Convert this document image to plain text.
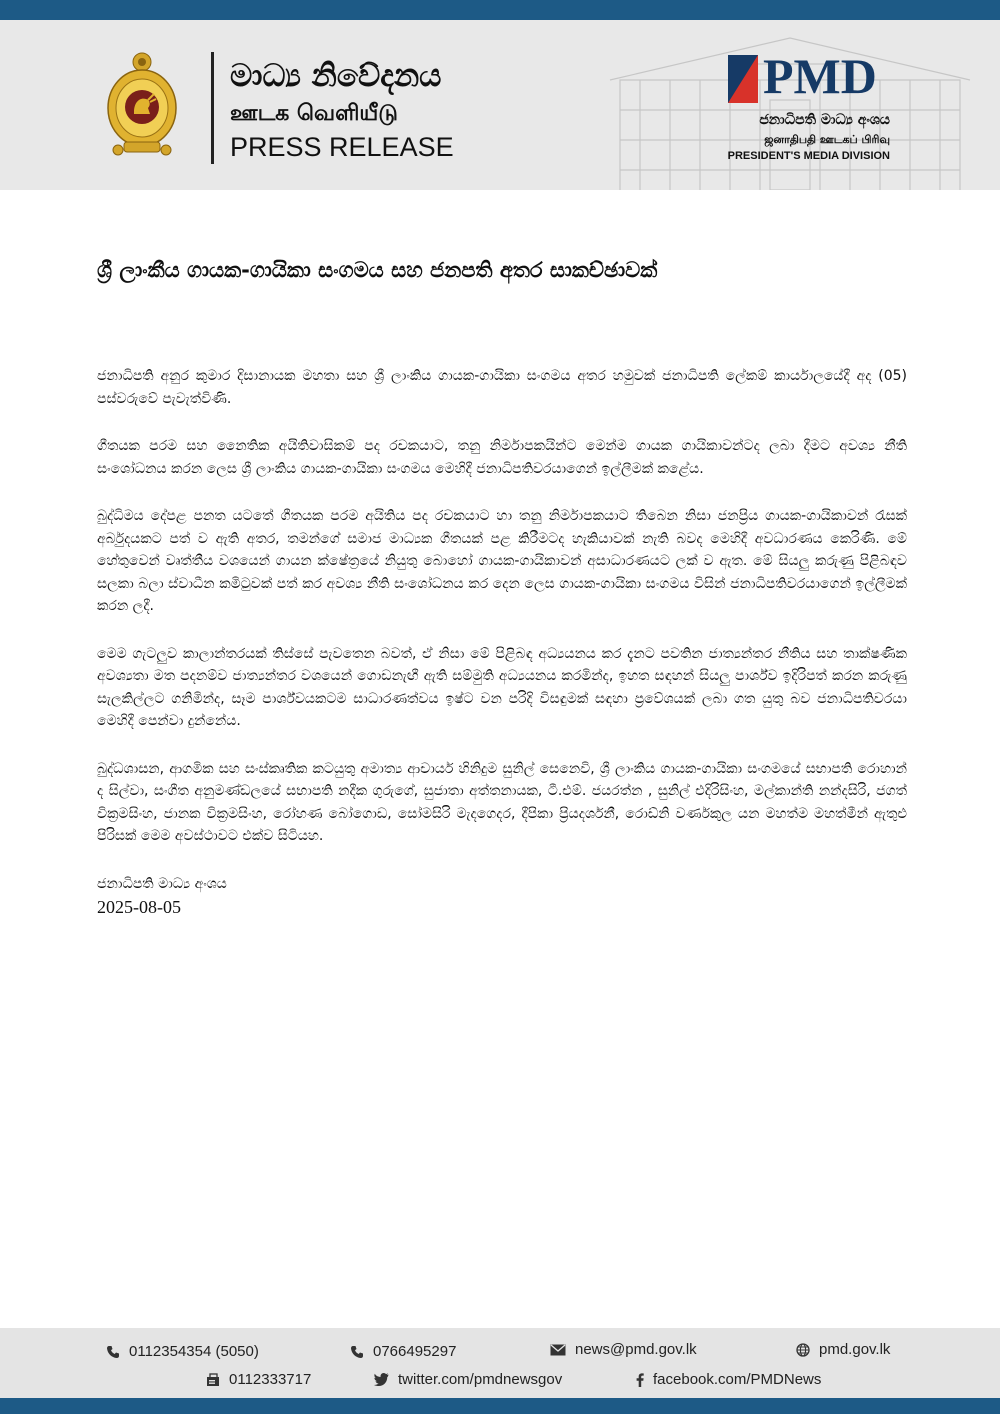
මාධ්‍ය නිවේදනය
ஊடக வெளியீடு
PRESS RELEASE
PMD
ජනාධිපති මාධ්‍ය අංශය
ஜனாதிபதி ஊடகப் பிரிவு
PRESIDENT'S MEDIA DIVISION
ශ්‍රී ලාංකීය ගායක-ගායිකා සංගමය සහ ජනපති අතර සාකච්ඡාවක්

ජනාධිපති අනුර කුමාර දිසානායක මහතා සහ ශ්‍රී ලාංකිය ගායක-ගායිකා සංගමය අතර හමුවක් ජනාධිපති ලේකම් කාර්යාලයේදී අද (05) පස්වරුවේ පැවැත්විණි.

ගීතයක පරම සහ නෛතික අයිතිවාසිකම් පද රචකයාට, තනු නිර්මාපකයින්ට මෙන්ම ගායක ගායිකාවන්ටද ලබා දීමට අවශ්‍ය නීති සංශෝධනය කරන ලෙස ශ්‍රී ලාංකිය ගායක-ගායිකා සංගමය මෙහිදී ජනාධිපතිවරයාගෙන් ඉල්ලීමක් කළේය.

බුද්ධිමය දේපළ පනත යටතේ ගීතයක පරම අයිතිය පද රචකයාට හා තනු නිර්මාපකයාට තිබෙන නිසා ජනප්‍රිය ගායක-ගායිකාවන් රැසක් අර්බුදයකට පත් ව ඇති අතර, තමන්ගේ සමාජ මාධ්‍යක ගීතයක් පළ කිරීමටද හැකියාවක් නැති බවද මෙහිදී අවධාරණය කෙරිණි. මේ හේතුවෙන් වෘත්තීය වශයෙන් ගායන ක්ෂේත්‍රයේ නියුතු බොහෝ ගායක-ගායිකාවන් අසාධාරණයට ලක් ව ඇත. මේ සියලු කරුණු පිළිබඳව සලකා බලා ස්වාධීන කමිටුවක් පත් කර අවශ්‍ය නීති සංශෝධනය කර දෙන ලෙස ගායක-ගායිකා සංගමය විසින් ජනාධිපතිවරයාගෙන් ඉල්ලීමක් කරන ලදී.

මෙම ගැටලුව කාලාන්තරයක් තිස්සේ පැවතෙන බවත්, ඒ නිසා මේ පිළිබඳ අධ්‍යයනය කර දැනට පවතින ජාත්‍යන්තර නීතිය සහ තාක්ෂණික අවශ්‍යතා මත පදනම්ව ජාත්‍යන්තර වශයෙන් ගොඩනැඟී ඇති සම්මුති අධ්‍යයනය කරමින්ද, ඉහත සඳහන් සියලු පාර්ශ්ව ඉදිරිපත් කරන කරුණු සැලකිල්ලට ගනිමින්ද, සෑම පාර්ශ්වයකටම සාධාරණත්වය ඉෂ්ට වන පරිදි විසඳුමක් සඳහා ප්‍රවේශයක් ලබා ගත යුතු බව ජනාධිපතිවරයා මෙහිදී පෙන්වා දුන්නේය.

බුද්ධශාසන, ආගමික සහ සංස්කෘතික කටයුතු අමාත්‍ය ආචාර්ය හිනිදුම සුනිල් සෙනෙවි, ශ්‍රී ලාංකිය ගායක-ගායිකා සංගමයේ සභාපති රොහාන් ද සිල්වා, සංගීත අනුමණ්ඩලයේ සභාපති නදීක ගුරුගේ, සුජාතා අත්තනායක, ටී.එම්. ජයරත්න , සුනිල් එදිරිසිංහ, මල්කාන්ති නන්දසිරි, ජගත් වික්‍රමසිංහ, ජානක වික්‍රමසිංහ, රෝහණ බෝගොඩ, සෝමසිරි මැදගෙදර, දීපිකා ප්‍රියදර්ශනී, රොඩ්නි වර්ණකුල යන මහත්ම මහත්මීන් ඇතුළු පිරිසක් මෙම අවස්ථාවට එක්ව සිටියහ.

ජනාධිපති මාධ්‍ය අංශය

2025-08-05

0112354354 (5050)	0766495297	news@pmd.gov.lk	pmd.gov.lk
0112333717	twitter.com/pmdnewsgov	facebook.com/PMDNews
